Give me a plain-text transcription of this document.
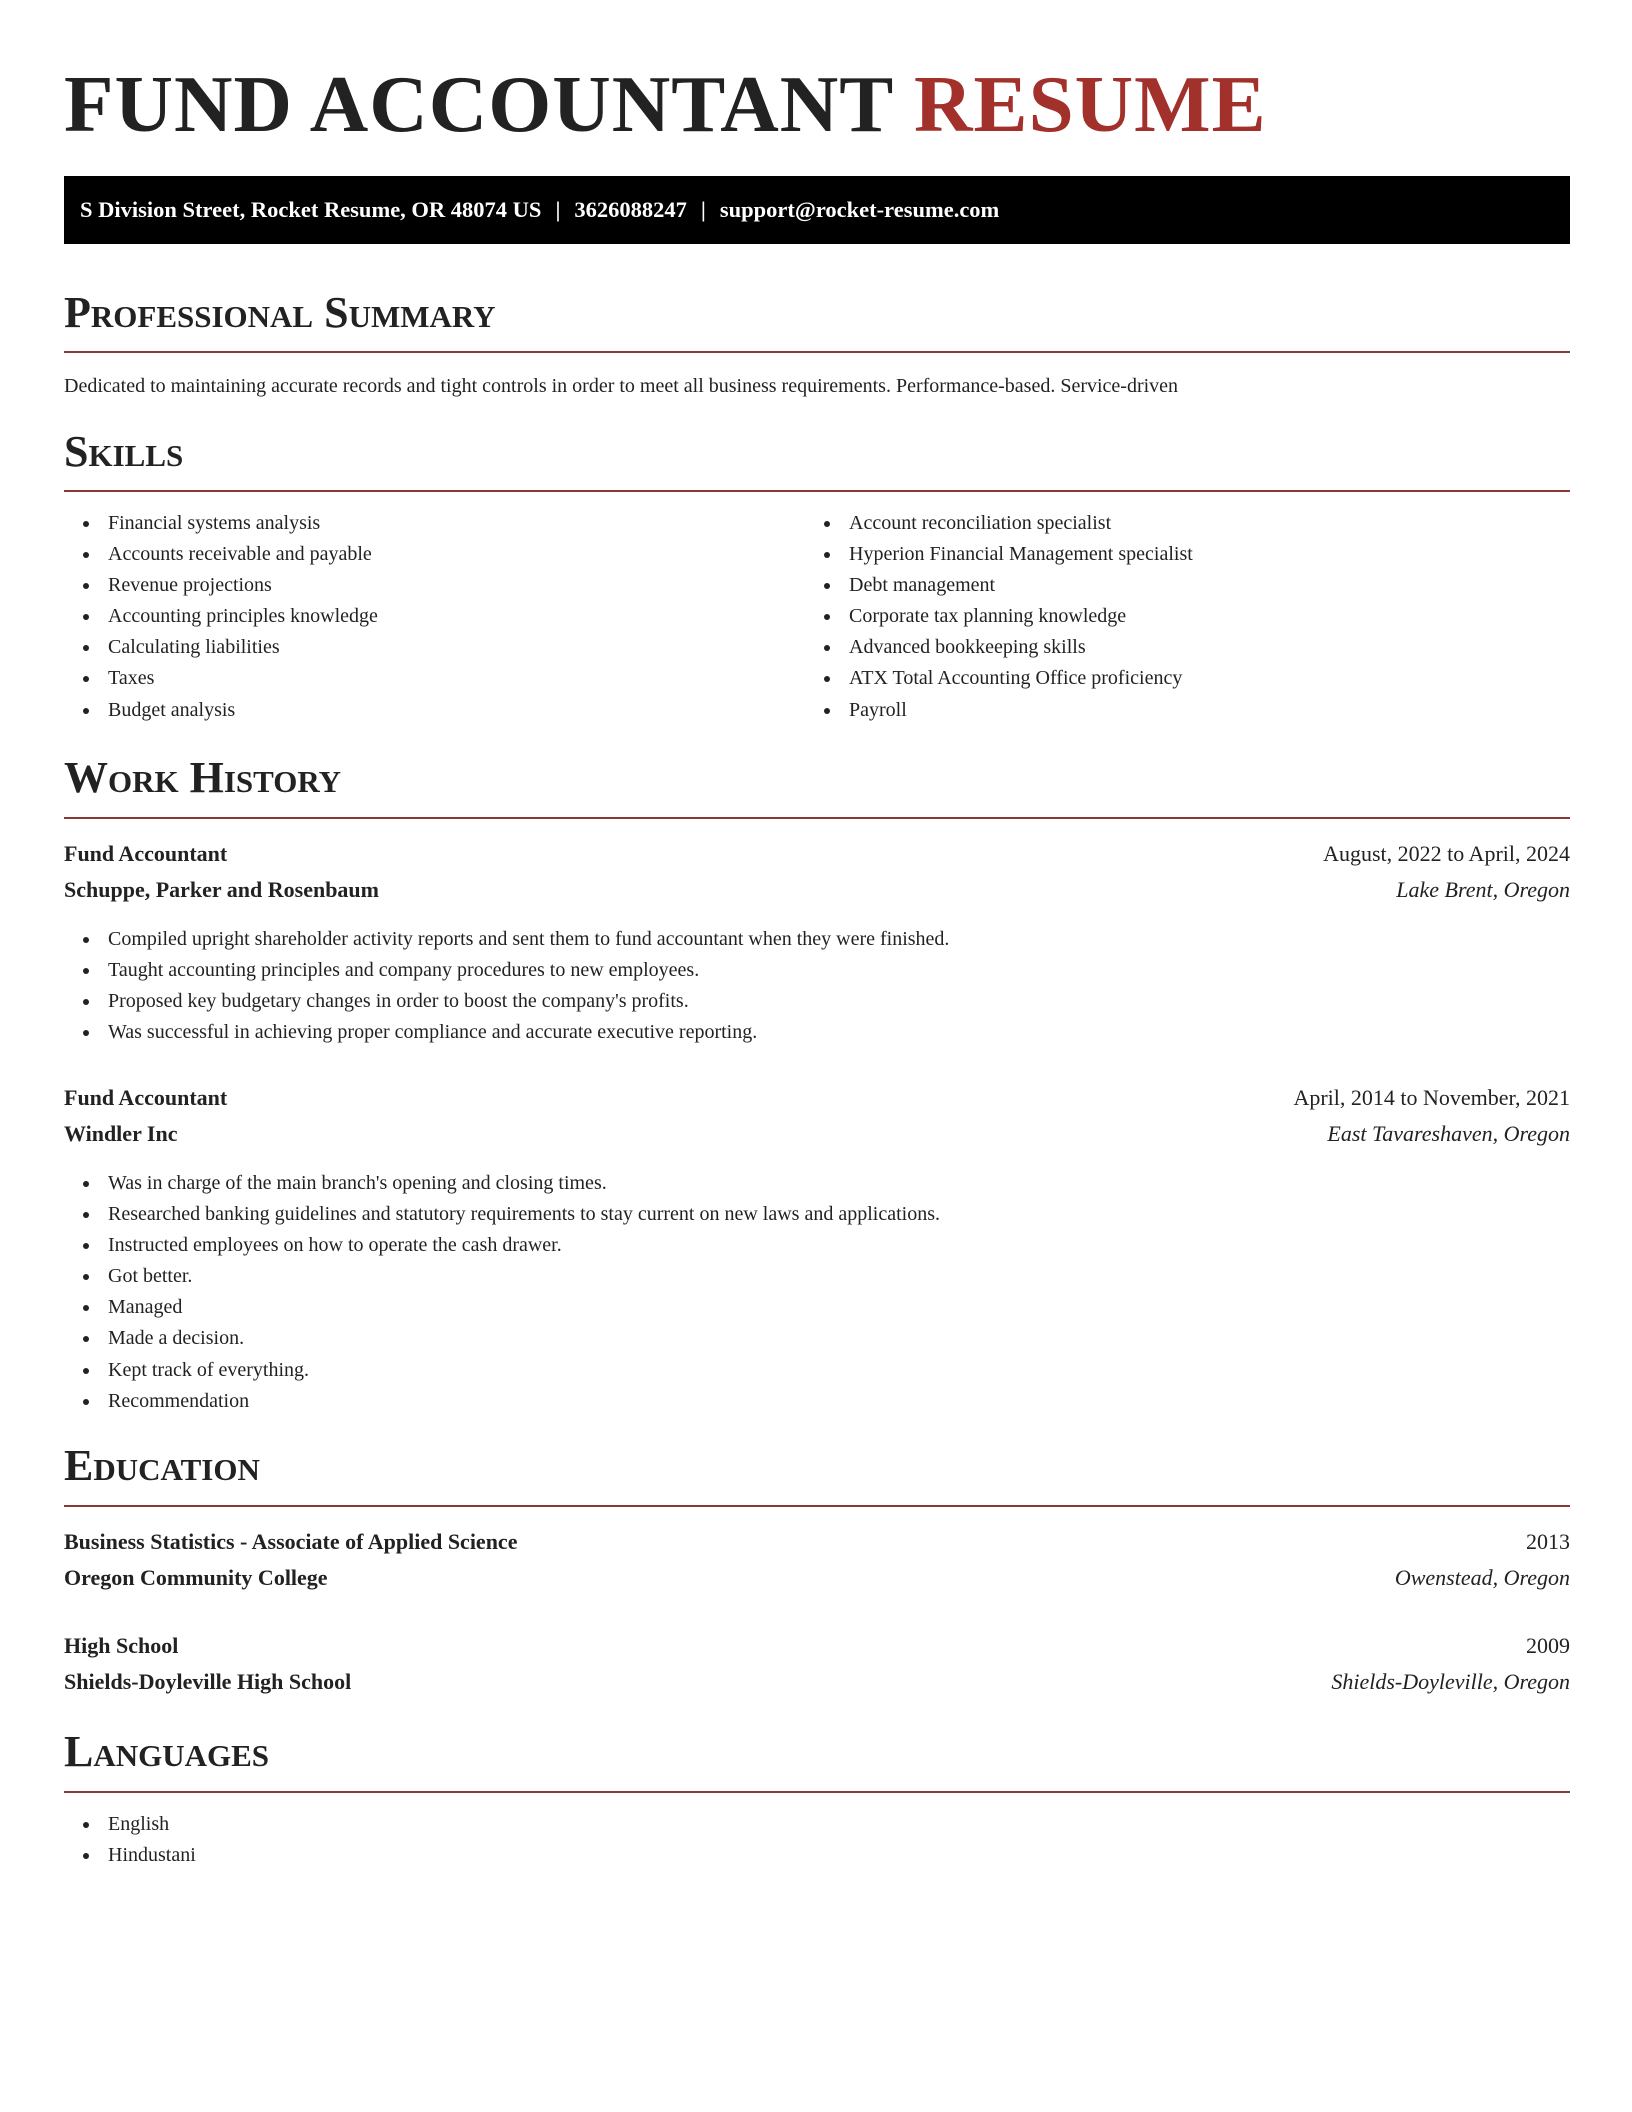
FUND ACCOUNTANT RESUME
S Division Street, Rocket Resume, OR 48074 US | 3626088247 | support@rocket-resume.com
Professional Summary
Dedicated to maintaining accurate records and tight controls in order to meet all business requirements. Performance-based. Service-driven
Skills
Financial systems analysis
Accounts receivable and payable
Revenue projections
Accounting principles knowledge
Calculating liabilities
Taxes
Budget analysis
Account reconciliation specialist
Hyperion Financial Management specialist
Debt management
Corporate tax planning knowledge
Advanced bookkeeping skills
ATX Total Accounting Office proficiency
Payroll
Work History
Fund Accountant	August, 2022 to April, 2024
Schuppe, Parker and Rosenbaum	Lake Brent, Oregon
Compiled upright shareholder activity reports and sent them to fund accountant when they were finished.
Taught accounting principles and company procedures to new employees.
Proposed key budgetary changes in order to boost the company's profits.
Was successful in achieving proper compliance and accurate executive reporting.
Fund Accountant	April, 2014 to November, 2021
Windler Inc	East Tavareshaven, Oregon
Was in charge of the main branch's opening and closing times.
Researched banking guidelines and statutory requirements to stay current on new laws and applications.
Instructed employees on how to operate the cash drawer.
Got better.
Managed
Made a decision.
Kept track of everything.
Recommendation
Education
Business Statistics - Associate of Applied Science	2013
Oregon Community College	Owenstead, Oregon
High School	2009
Shields-Doyleville High School	Shields-Doyleville, Oregon
Languages
English
Hindustani
